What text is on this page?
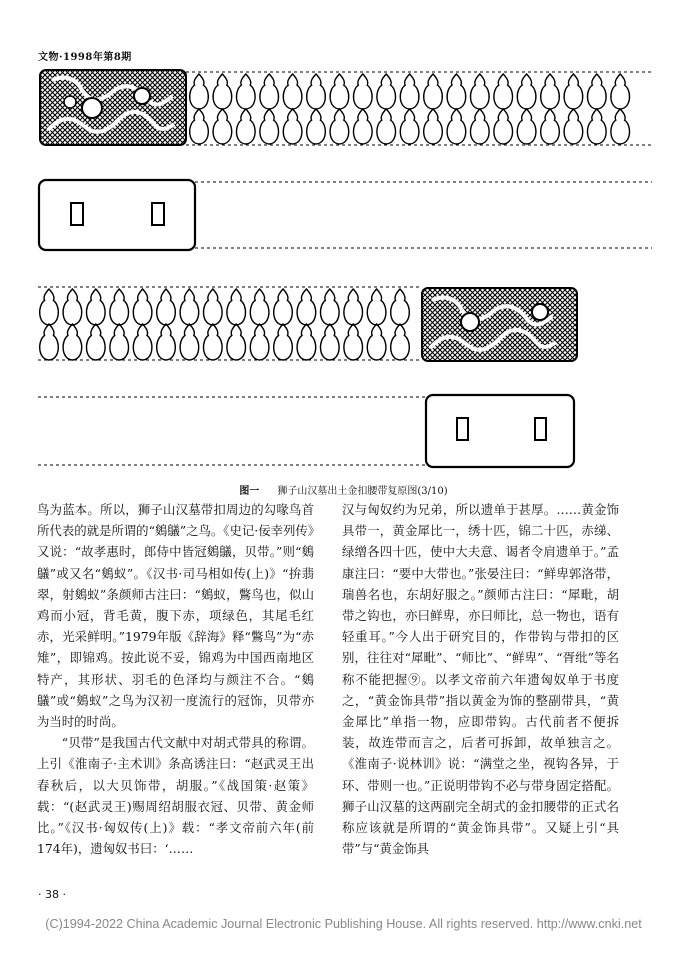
文物·1998年第8期
图一 狮子山汉墓出土金扣腰带复原图(3/10)

鸟为蓝本。所以，狮子山汉墓带扣周边的勾喙鸟首所代表的就是所谓的“鵕鸃”之鸟。《史记·佞幸列传》又说：“故孝惠时，郎侍中皆冠鵕鸃，贝带。”则“鵕鸃”或又名“鵕蚁”。《汉书·司马相如传(上)》“拚翡翠，射鵕蚁”条颜师古注曰：“鵕蚁，鷩鸟也，似山鸡而小冠，背毛黄，腹下赤，项绿色，其尾毛红赤，光采鲜明。”1979年版《辞海》释“鷩鸟”为“赤雉”，即锦鸡。按此说不妥，锦鸡为中国西南地区特产，其形状、羽毛的色泽均与颜注不合。“鵕鸃”或“鵕蚁”之鸟为汉初一度流行的冠饰，贝带亦为当时的时尚。

“贝带”是我国古代文献中对胡式带具的称谓。上引《淮南子·主术训》条高诱注曰：“赵武灵王出春秋后，以大贝饰带，胡服。”《战国策·赵策》载：“(赵武灵王)赐周绍胡服衣冠、贝带、黄金师比。”《汉书·匈奴传(上)》载：“孝文帝前六年(前174年)，遗匈奴书曰：‘……

汉与匈奴约为兄弟，所以遗单于甚厚。……黄金饰具带一，黄金犀比一，绣十匹，锦二十匹，赤绨、绿缯各四十匹，使中大夫意、谒者令肩遗单于。”孟康注曰：“要中大带也。”张晏注曰：“鲜卑郭洛带，瑞兽名也，东胡好服之。”颜师古注曰：“犀毗，胡带之钩也，亦曰鲜卑，亦曰师比，总一物也，语有轻重耳。”今人出于研究目的，作带钩与带扣的区别，往往对“犀毗”、“师比”、“鲜卑”、“胥纰”等名称不能把握⑨。以孝文帝前六年遗匈奴单于书度之，“黄金饰具带”指以黄金为饰的整副带具，“黄金犀比”单指一物，应即带钩。古代前者不便拆装，故连带而言之，后者可拆卸，故单独言之。《淮南子·说林训》说：“满堂之坐，视钩各异，于环、带则一也。”正说明带钩不必与带身固定搭配。狮子山汉墓的这两副完全胡式的金扣腰带的正式名称应该就是所谓的“黄金饰具带”。又疑上引“具带”与“黄金饰具

· 38 ·
(C)1994-2022 China Academic Journal Electronic Publishing House. All rights reserved. http://www.cnki.net
